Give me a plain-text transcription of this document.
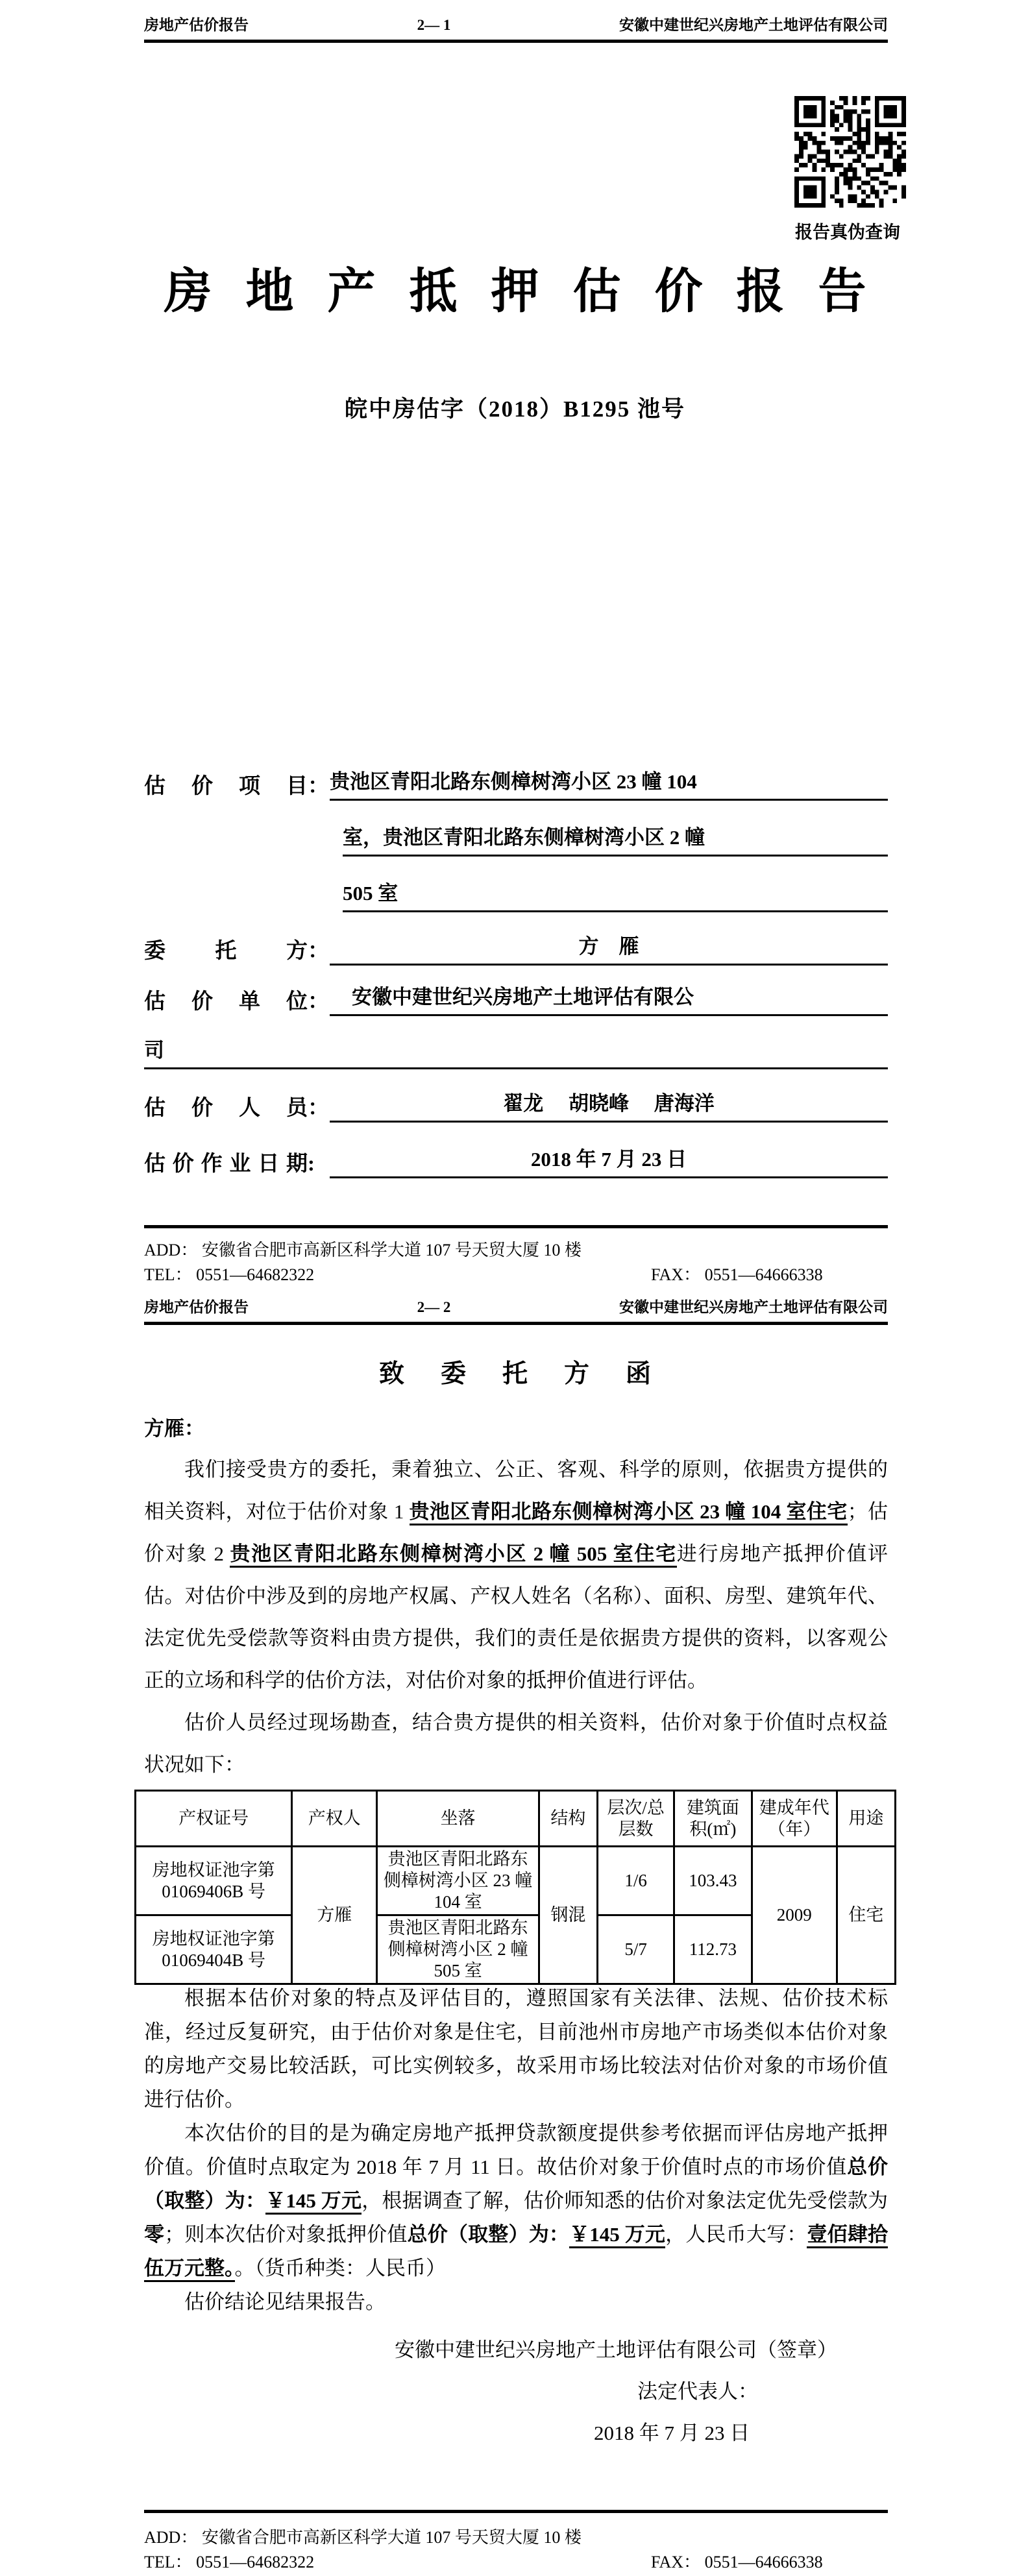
房地产估价报告	2— 1	安徽中建世纪兴房地产土地评估有限公司
报告真伪查询
房地产抵押估价报告
皖中房估字（2018）B1295 池号
估价项目 ： 贵池区青阳北路东侧樟树湾小区 23 幢 104
室，贵池区青阳北路东侧樟树湾小区 2 幢
505 室
委托方 ：	方　雁
估价单位 ：	安徽中建世纪兴房地产土地评估有限公
司
估价人员 ：	翟龙　 胡晓峰　 唐海洋
估价作业日期 :	2018 年 7 月 23 日
ADD： 安徽省合肥市高新区科学大道 107 号天贸大厦 10 楼
TEL： 0551—64682322	FAX： 0551—64666338
房地产估价报告	2— 2	安徽中建世纪兴房地产土地评估有限公司
致委托方函
方雁：

我们接受贵方的委托，秉着独立、公正、客观、科学的原则，依据贵方提供的相关资料，对位于估价对象 1 贵池区青阳北路东侧樟树湾小区 23 幢 104 室住宅；估价对象 2 贵池区青阳北路东侧樟树湾小区 2 幢 505 室住宅进行房地产抵押价值评估。对估价中涉及到的房地产权属、产权人姓名（名称）、面积、房型、建筑年代、法定优先受偿款等资料由贵方提供，我们的责任是依据贵方提供的资料，以客观公正的立场和科学的估价方法，对估价对象的抵押价值进行评估。

估价人员经过现场勘查，结合贵方提供的相关资料，估价对象于价值时点权益状况如下：

产权证号	产权人	坐落	结构	层次/总层数	建筑面积(㎡)	建成年代（年）	用途
房地权证池字第01069406B 号	方雁	贵池区青阳北路东侧樟树湾小区 23 幢 104 室	钢混	1/6	103.43	2009	住宅
房地权证池字第01069404B 号		贵池区青阳北路东侧樟树湾小区 2 幢 505 室		5/7	112.73		

根据本估价对象的特点及评估目的，遵照国家有关法律、法规、估价技术标准，经过反复研究，由于估价对象是住宅，目前池州市房地产市场类似本估价对象的房地产交易比较活跃，可比实例较多，故采用市场比较法对估价对象的市场价值进行估价。

本次估价的目的是为确定房地产抵押贷款额度提供参考依据而评估房地产抵押价值。价值时点取定为 2018 年 7 月 11 日。故估价对象于价值时点的市场价值总价（取整）为：￥145 万元，根据调查了解，估价师知悉的估价对象法定优先受偿款为零；则本次估价对象抵押价值总价（取整）为：￥145 万元，人民币大写：壹佰肆拾伍万元整。。（货币种类：人民币）

估价结论见结果报告。

安徽中建世纪兴房地产土地评估有限公司（签章）
法定代表人：
2018 年 7 月 23 日
ADD： 安徽省合肥市高新区科学大道 107 号天贸大厦 10 楼
TEL： 0551—64682322	FAX： 0551—64666338
